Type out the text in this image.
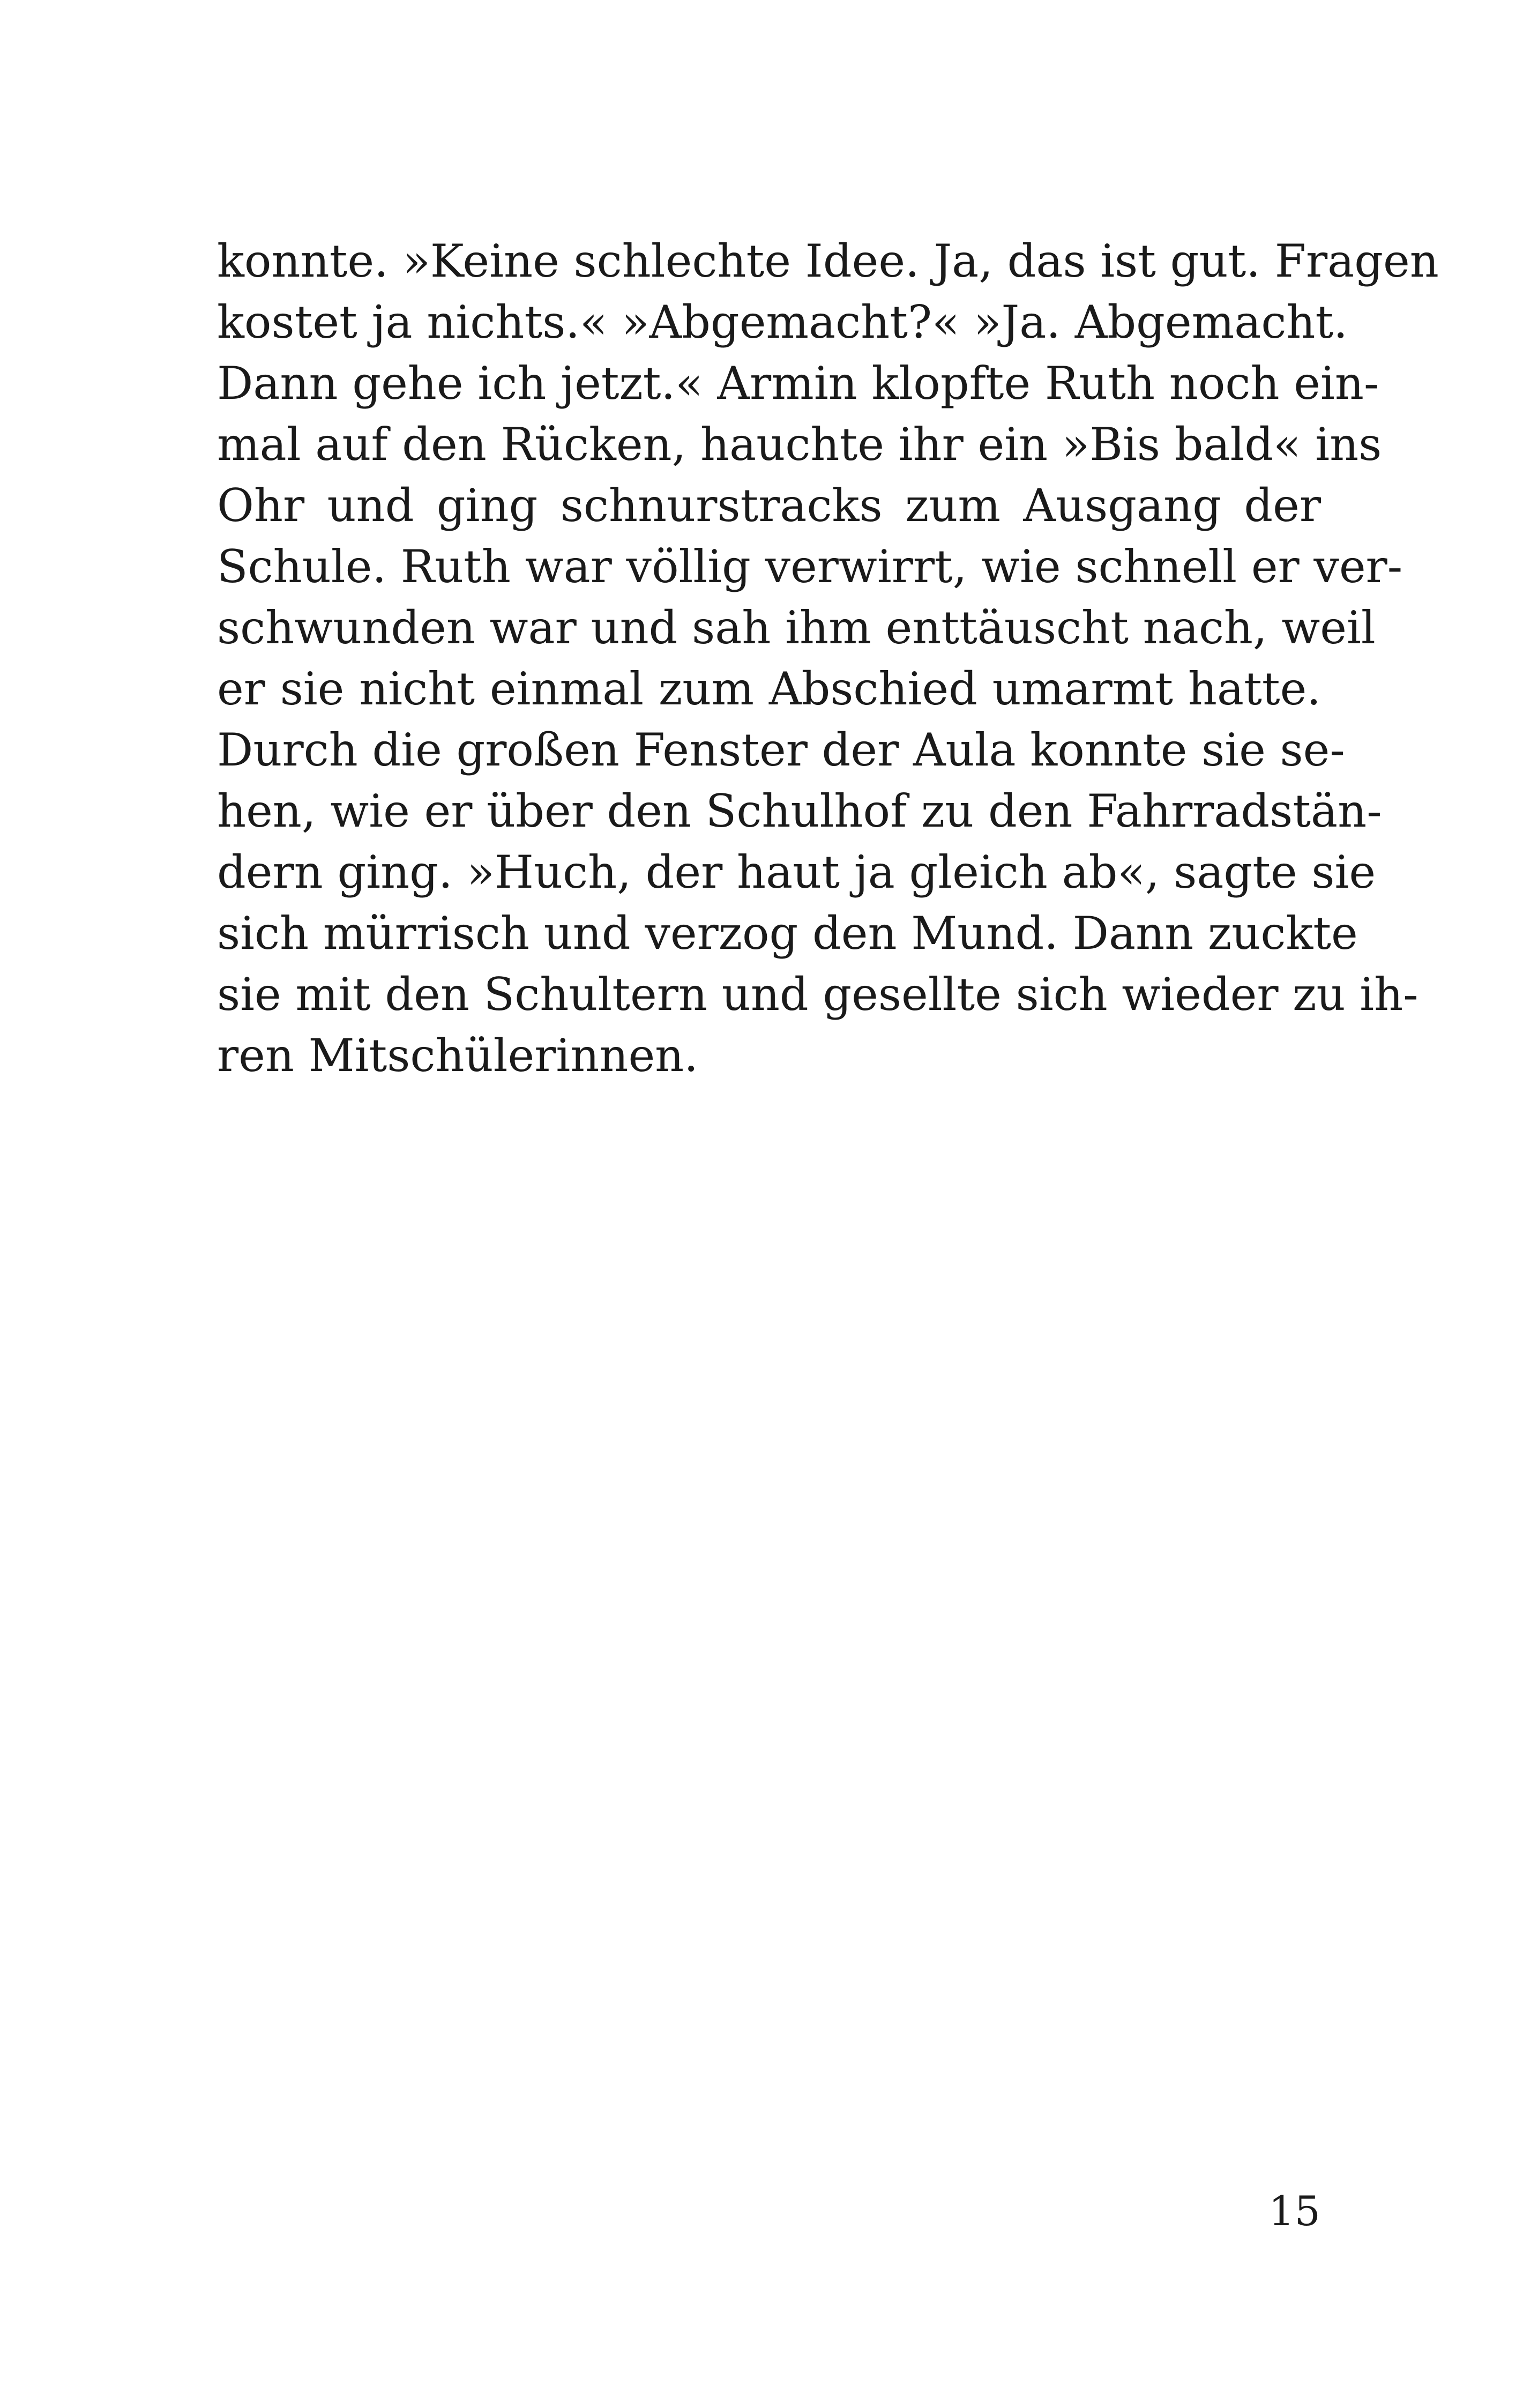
konnte. »Keine schlechte Idee. Ja, das ist gut. Fragen
kostet ja nichts.« »Abgemacht?« »Ja. Abgemacht.
Dann gehe ich jetzt.« Armin klopfte Ruth noch ein-
mal auf den Rücken, hauchte ihr ein »Bis bald« ins
Ohr und ging schnurstracks zum Ausgang der
Schule. Ruth war völlig verwirrt, wie schnell er ver-
schwunden war und sah ihm enttäuscht nach, weil
er sie nicht einmal zum Abschied umarmt hatte.
Durch die großen Fenster der Aula konnte sie se-
hen, wie er über den Schulhof zu den Fahrradstän-
dern ging. »Huch, der haut ja gleich ab«, sagte sie
sich mürrisch und verzog den Mund. Dann zuckte
sie mit den Schultern und gesellte sich wieder zu ih-
ren Mitschülerinnen.
15
